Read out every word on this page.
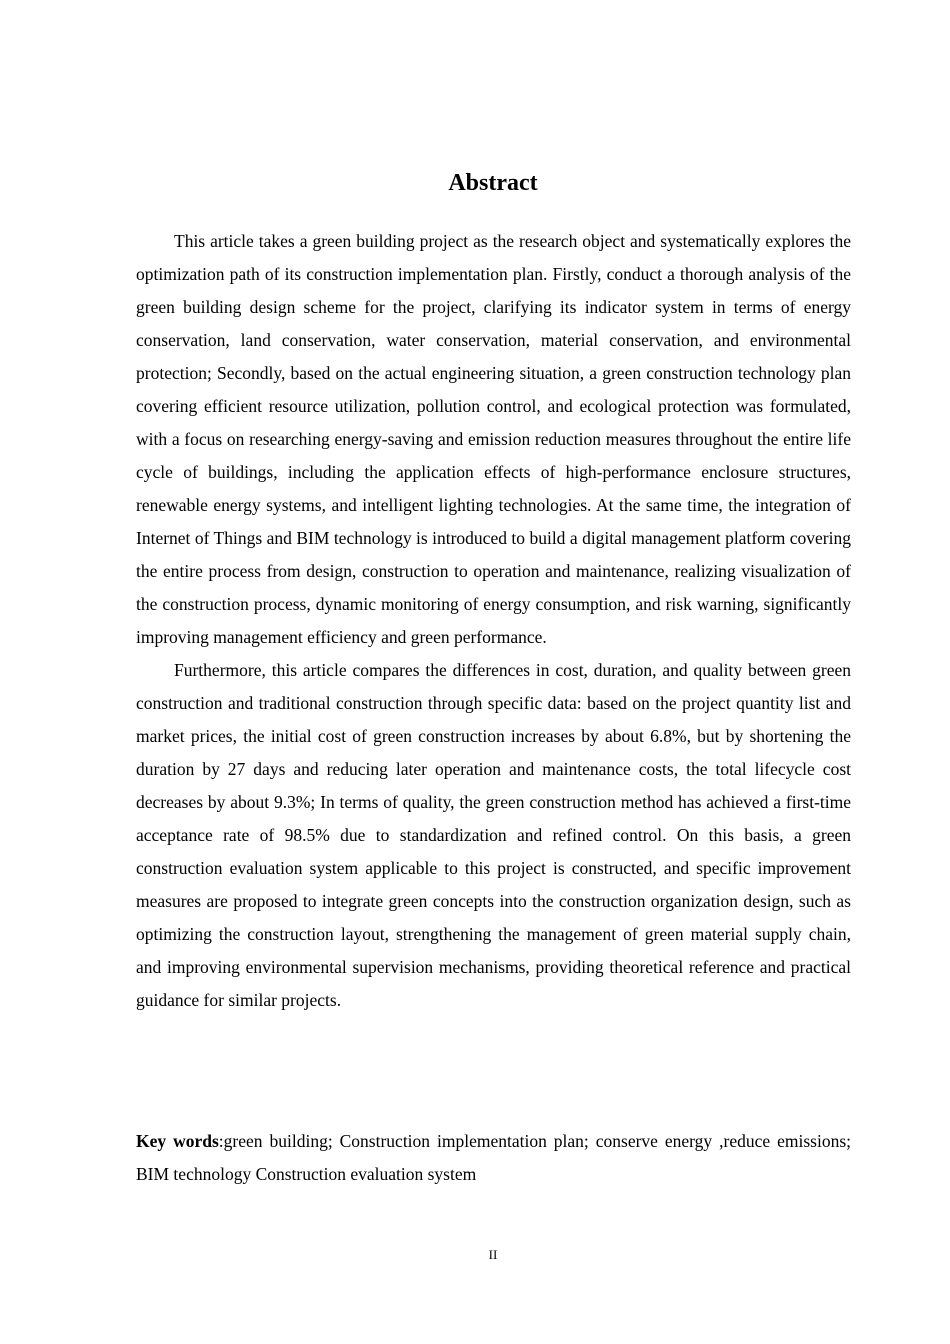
Abstract

This article takes a green building project as the research object and systematically explores the optimization path of its construction implementation plan. Firstly, conduct a thorough analysis of the green building design scheme for the project, clarifying its indicator system in terms of energy conservation, land conservation, water conservation, material conservation, and environmental protection; Secondly, based on the actual engineering situation, a green construction technology plan covering efficient resource utilization, pollution control, and ecological protection was formulated, with a focus on researching energy-saving and emission reduction measures throughout the entire life cycle of buildings, including the application effects of high-performance enclosure structures, renewable energy systems, and intelligent lighting technologies. At the same time, the integration of Internet of Things and BIM technology is introduced to build a digital management platform covering the entire process from design, construction to operation and maintenance, realizing visualization of the construction process, dynamic monitoring of energy consumption, and risk warning, significantly improving management efficiency and green performance.

Furthermore, this article compares the differences in cost, duration, and quality between green construction and traditional construction through specific data: based on the project quantity list and market prices, the initial cost of green construction increases by about 6.8%, but by shortening the duration by 27 days and reducing later operation and maintenance costs, the total lifecycle cost decreases by about 9.3%; In terms of quality, the green construction method has achieved a first-time acceptance rate of 98.5% due to standardization and refined control. On this basis, a green construction evaluation system applicable to this project is constructed, and specific improvement measures are proposed to integrate green concepts into the construction organization design, such as optimizing the construction layout, strengthening the management of green material supply chain, and improving environmental supervision mechanisms, providing theoretical reference and practical guidance for similar projects.

Key words:green building; Construction implementation plan; conserve energy ,reduce emissions; BIM technology Construction evaluation system
II
